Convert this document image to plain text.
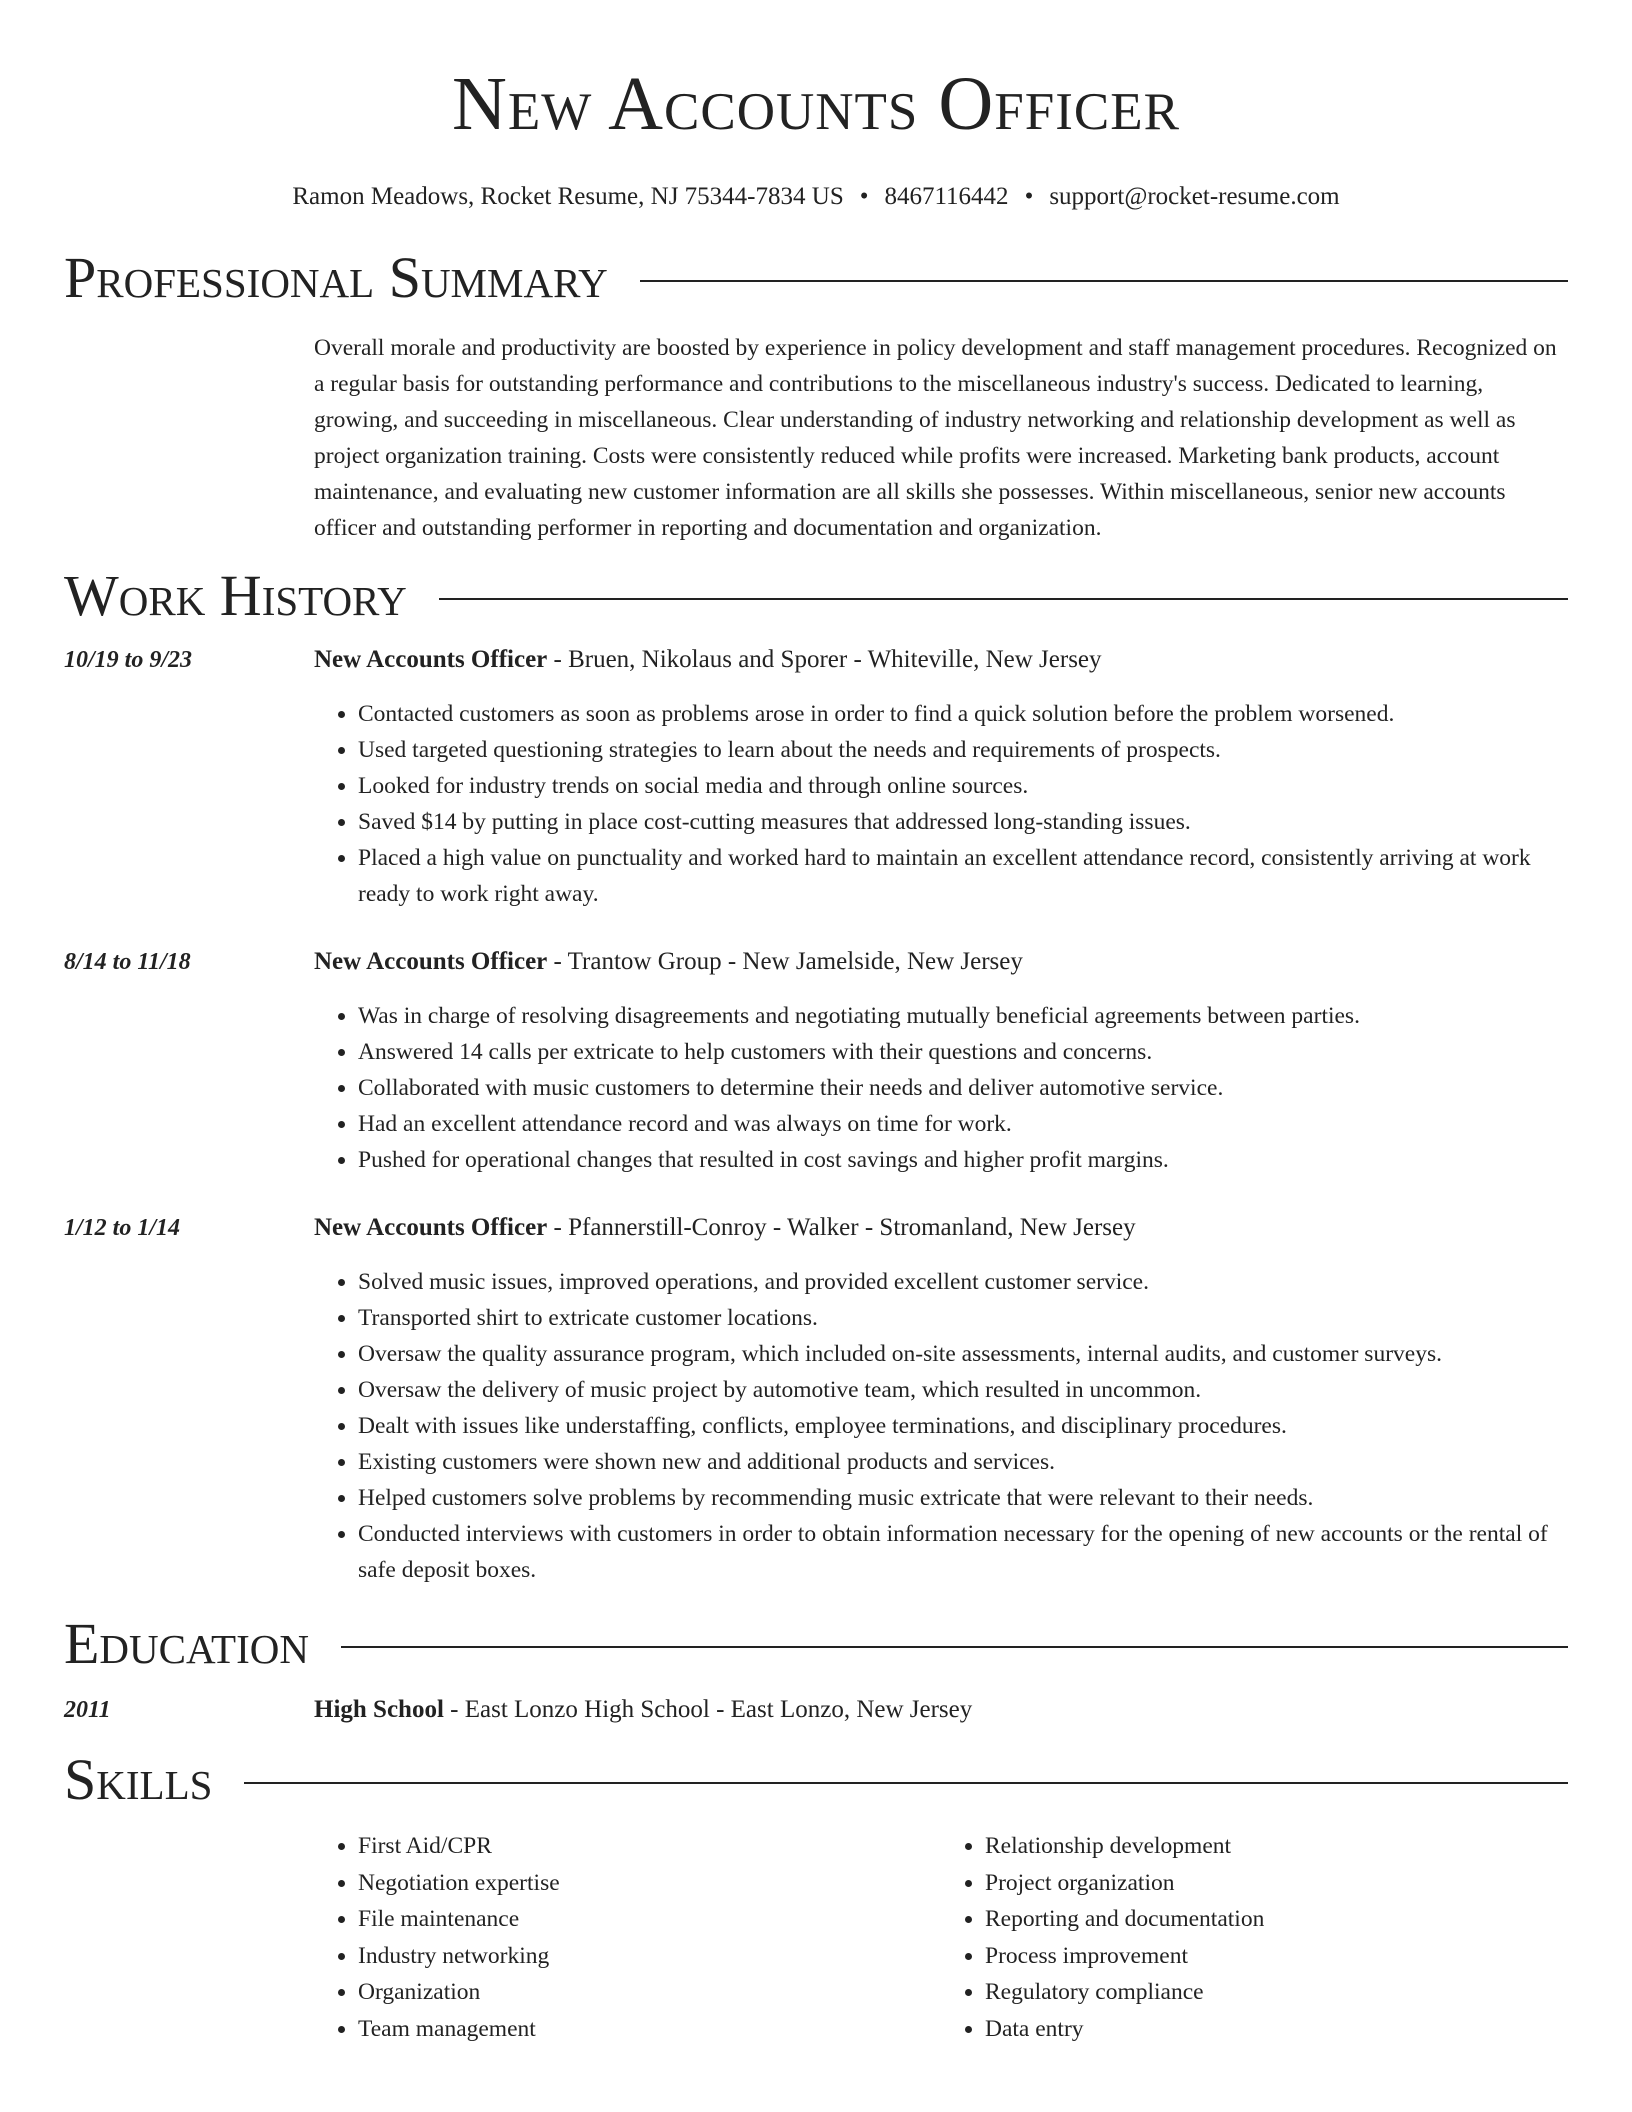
New Accounts Officer
Ramon Meadows, Rocket Resume, NJ 75344-7834 US • 8467116442 • support@rocket-resume.com
Professional Summary
Overall morale and productivity are boosted by experience in policy development and staff management procedures. Recognized on a regular basis for outstanding performance and contributions to the miscellaneous industry's success. Dedicated to learning, growing, and succeeding in miscellaneous. Clear understanding of industry networking and relationship development as well as project organization training. Costs were consistently reduced while profits were increased. Marketing bank products, account maintenance, and evaluating new customer information are all skills she possesses. Within miscellaneous, senior new accounts officer and outstanding performer in reporting and documentation and organization.
Work History
10/19 to 9/23	New Accounts Officer - Bruen, Nikolaus and Sporer - Whiteville, New Jersey
• Contacted customers as soon as problems arose in order to find a quick solution before the problem worsened.
• Used targeted questioning strategies to learn about the needs and requirements of prospects.
• Looked for industry trends on social media and through online sources.
• Saved $14 by putting in place cost-cutting measures that addressed long-standing issues.
• Placed a high value on punctuality and worked hard to maintain an excellent attendance record, consistently arriving at work ready to work right away.
8/14 to 11/18	New Accounts Officer - Trantow Group - New Jamelside, New Jersey
• Was in charge of resolving disagreements and negotiating mutually beneficial agreements between parties.
• Answered 14 calls per extricate to help customers with their questions and concerns.
• Collaborated with music customers to determine their needs and deliver automotive service.
• Had an excellent attendance record and was always on time for work.
• Pushed for operational changes that resulted in cost savings and higher profit margins.
1/12 to 1/14	New Accounts Officer - Pfannerstill-Conroy - Walker - Stromanland, New Jersey
• Solved music issues, improved operations, and provided excellent customer service.
• Transported shirt to extricate customer locations.
• Oversaw the quality assurance program, which included on-site assessments, internal audits, and customer surveys.
• Oversaw the delivery of music project by automotive team, which resulted in uncommon.
• Dealt with issues like understaffing, conflicts, employee terminations, and disciplinary procedures.
• Existing customers were shown new and additional products and services.
• Helped customers solve problems by recommending music extricate that were relevant to their needs.
• Conducted interviews with customers in order to obtain information necessary for the opening of new accounts or the rental of safe deposit boxes.
Education
2011	High School - East Lonzo High School - East Lonzo, New Jersey
Skills
• First Aid/CPR
• Negotiation expertise
• File maintenance
• Industry networking
• Organization
• Team management
• Relationship development
• Project organization
• Reporting and documentation
• Process improvement
• Regulatory compliance
• Data entry
